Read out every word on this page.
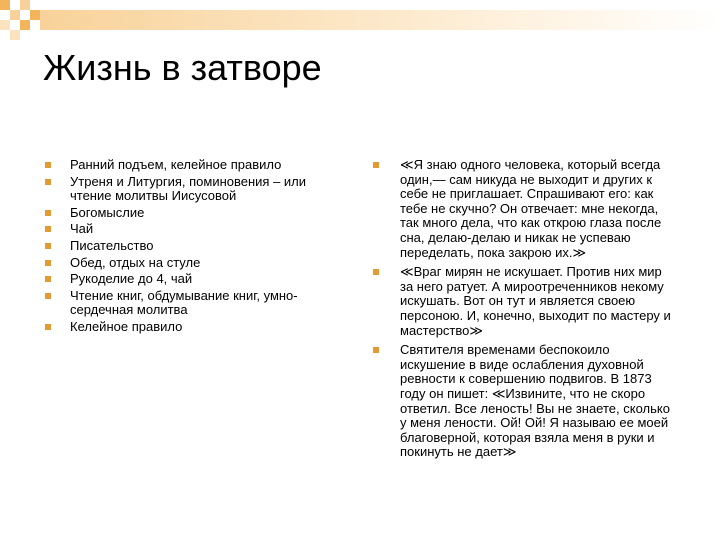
Жизнь в затворе
Ранний подъем, келейное правило
Утреня и Литургия, поминовения – или чтение молитвы Иисусовой
Богомыслие
Чай
Писательство
Обед, отдых на стуле
Рукоделие до 4, чай
Чтение книг, обдумывание книг, умно-сердечная молитва
Келейное правило
≪Я знаю одного человека, который всегда один,— сам никуда не выходит и других к себе не приглашает. Спрашивают его: как тебе не скучно? Он отвечает: мне некогда, так много дела, что как открою глаза после сна, делаю-делаю и никак не успеваю переделать, пока закрою их.≫
≪Враг мирян не искушает. Против них мир за него ратует. А мироотреченников некому искушать. Вот он тут и является своею персоною. И, конечно, выходит по мастеру и мастерство≫
Святителя временами беспокоило искушение в виде ослабления духовной ревности к совершению подвигов. В 1873 году он пишет: ≪Извините, что не скоро ответил. Все леность! Вы не знаете, сколько у меня лености. Ой! Ой! Я называю ее моей благоверной, которая взяла меня в руки и покинуть не дает≫
